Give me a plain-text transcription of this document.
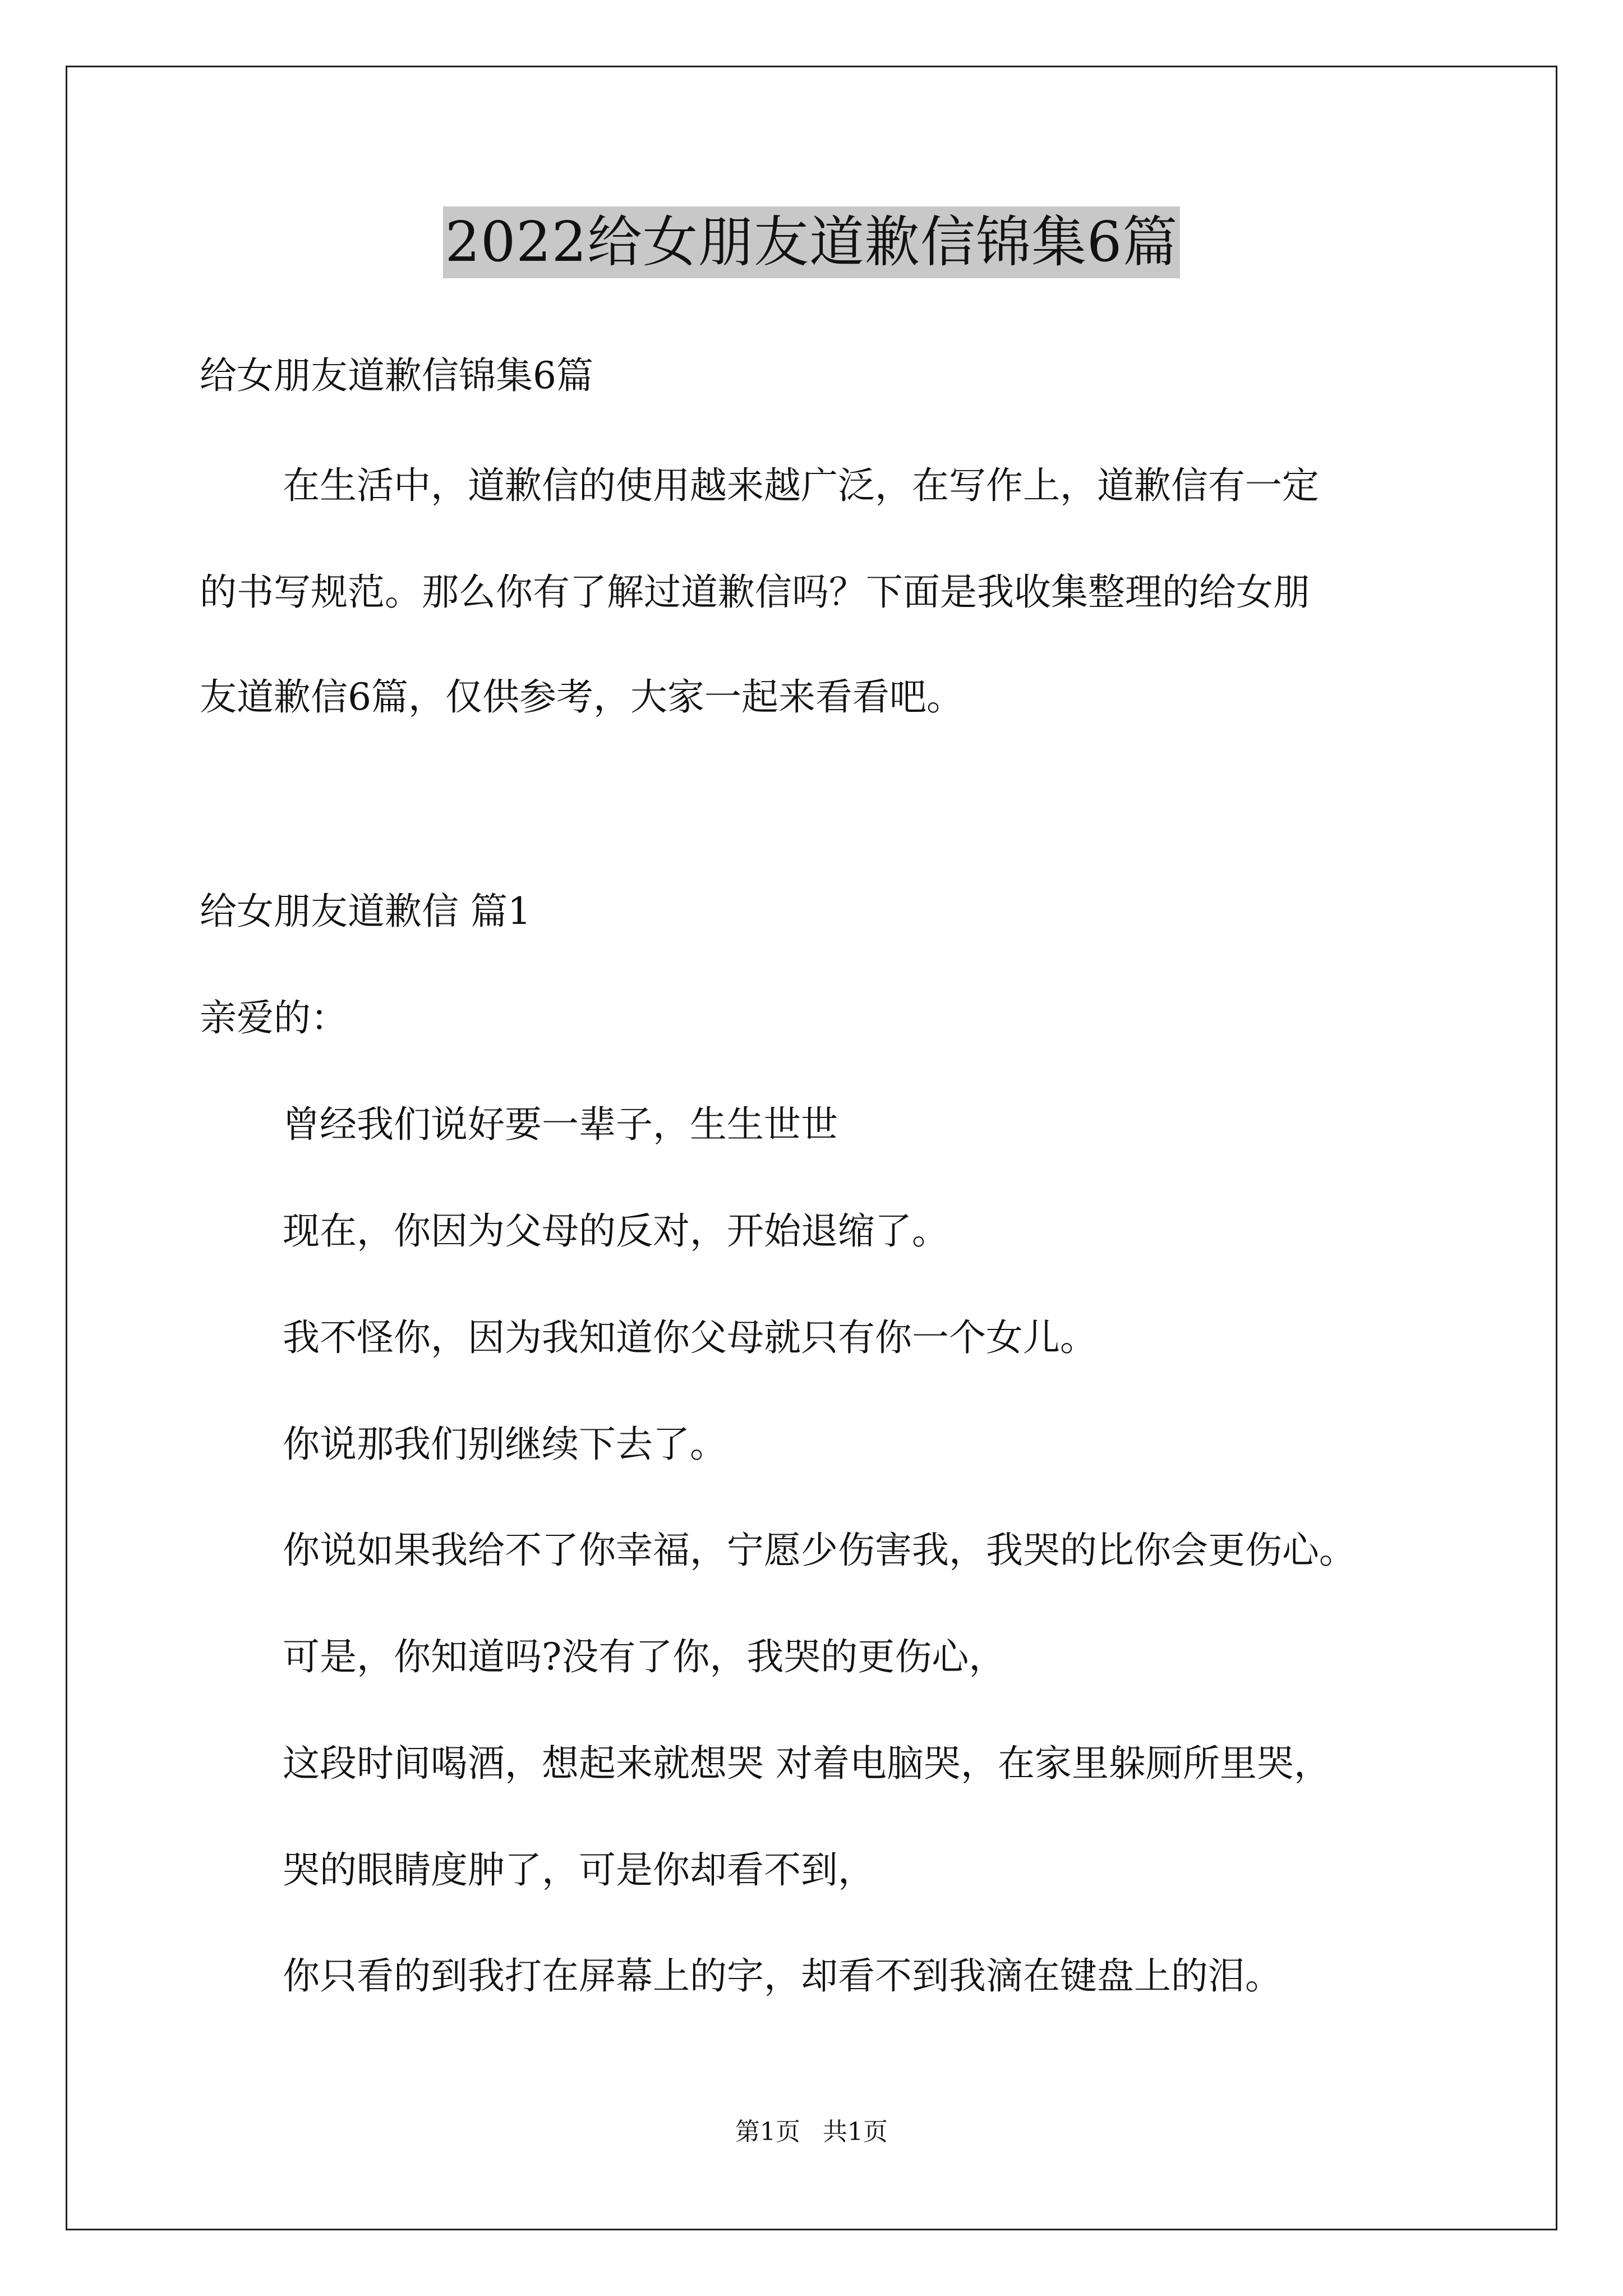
2022给女朋友道歉信锦集6篇
给女朋友道歉信锦集6篇
在生活中，道歉信的使用越来越广泛，在写作上，道歉信有一定
的书写规范。那么你有了解过道歉信吗？下面是我收集整理的给女朋
友道歉信6篇，仅供参考，大家一起来看看吧。
给女朋友道歉信 篇1
亲爱的：
曾经我们说好要一辈子，生生世世
现在，你因为父母的反对，开始退缩了。
我不怪你，因为我知道你父母就只有你一个女儿。
你说那我们别继续下去了。
你说如果我给不了你幸福，宁愿少伤害我，我哭的比你会更伤心。
可是，你知道吗?没有了你，我哭的更伤心，
这段时间喝酒，想起来就想哭 对着电脑哭，在家里躲厕所里哭，
哭的眼睛度肿了，可是你却看不到，
你只看的到我打在屏幕上的字，却看不到我滴在键盘上的泪。
第1页 共1页
